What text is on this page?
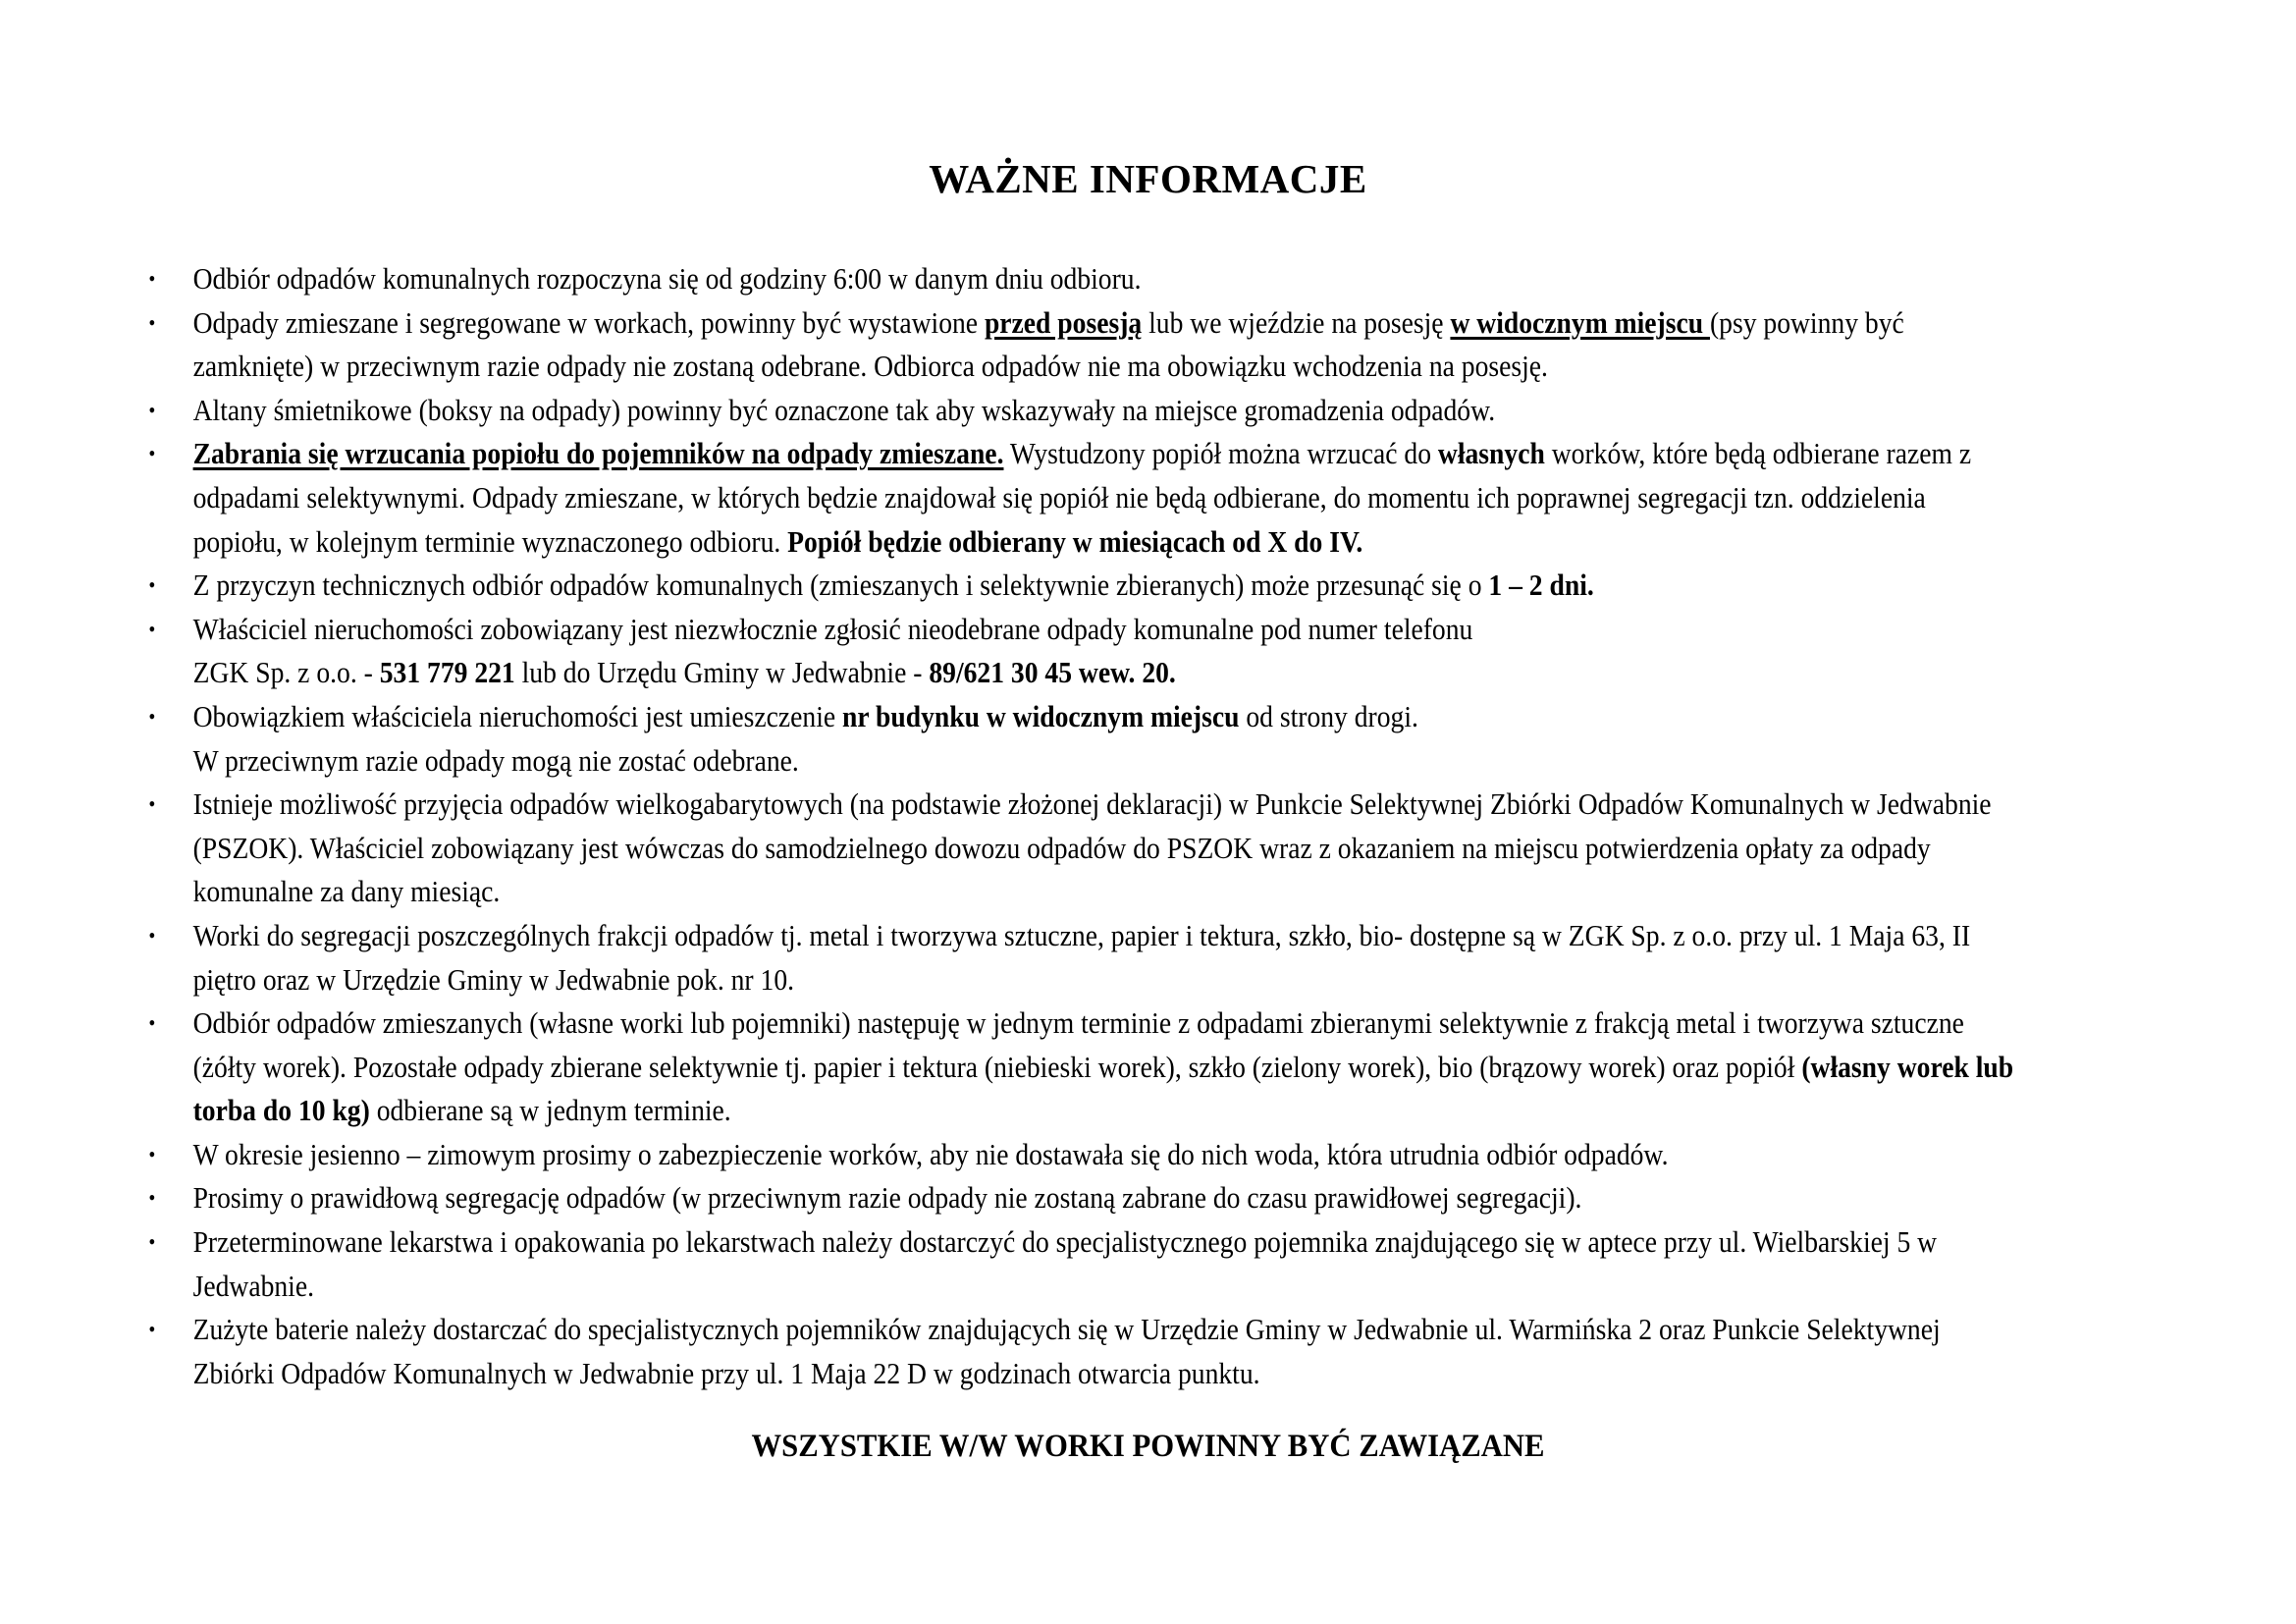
WAŻNE INFORMACJE
• Odbiór odpadów komunalnych rozpoczyna się od godziny 6:00 w danym dniu odbioru.
• Odpady zmieszane i segregowane w workach, powinny być wystawione przed posesją lub we wjeździe na posesję w widocznym miejscu (psy powinny być zamknięte) w przeciwnym razie odpady nie zostaną odebrane. Odbiorca odpadów nie ma obowiązku wchodzenia na posesję.
• Altany śmietnikowe (boksy na odpady) powinny być oznaczone tak aby wskazywały na miejsce gromadzenia odpadów.
• Zabrania się wrzucania popiołu do pojemników na odpady zmieszane. Wystudzony popiół można wrzucać do własnych worków, które będą odbierane razem z odpadami selektywnymi. Odpady zmieszane, w których będzie znajdował się popiół nie będą odbierane, do momentu ich poprawnej segregacji tzn. oddzielenia popiołu, w kolejnym terminie wyznaczonego odbioru. Popiół będzie odbierany w miesiącach od X do IV.
• Z przyczyn technicznych odbiór odpadów komunalnych (zmieszanych i selektywnie zbieranych) może przesunąć się o 1 – 2 dni.
• Właściciel nieruchomości zobowiązany jest niezwłocznie zgłosić nieodebrane odpady komunalne pod numer telefonu
ZGK Sp. z o.o. - 531 779 221 lub do Urzędu Gminy w Jedwabnie - 89/621 30 45 wew. 20.
• Obowiązkiem właściciela nieruchomości jest umieszczenie nr budynku w widocznym miejscu od strony drogi.
W przeciwnym razie odpady mogą nie zostać odebrane.
• Istnieje możliwość przyjęcia odpadów wielkogabarytowych (na podstawie złożonej deklaracji) w Punkcie Selektywnej Zbiórki Odpadów Komunalnych w Jedwabnie (PSZOK). Właściciel zobowiązany jest wówczas do samodzielnego dowozu odpadów do PSZOK wraz z okazaniem na miejscu potwierdzenia opłaty za odpady komunalne za dany miesiąc.
• Worki do segregacji poszczególnych frakcji odpadów tj. metal i tworzywa sztuczne, papier i tektura, szkło, bio- dostępne są w ZGK Sp. z o.o. przy ul. 1 Maja 63, II piętro oraz w Urzędzie Gminy w Jedwabnie pok. nr 10.
• Odbiór odpadów zmieszanych (własne worki lub pojemniki) następuję w jednym terminie z odpadami zbieranymi selektywnie z frakcją metal i tworzywa sztuczne (żółty worek). Pozostałe odpady zbierane selektywnie tj. papier i tektura (niebieski worek), szkło (zielony worek), bio (brązowy worek) oraz popiół (własny worek lub torba do 10 kg) odbierane są w jednym terminie.
• W okresie jesienno – zimowym prosimy o zabezpieczenie worków, aby nie dostawała się do nich woda, która utrudnia odbiór odpadów.
• Prosimy o prawidłową segregację odpadów (w przeciwnym razie odpady nie zostaną zabrane do czasu prawidłowej segregacji).
• Przeterminowane lekarstwa i opakowania po lekarstwach należy dostarczyć do specjalistycznego pojemnika znajdującego się w aptece przy ul. Wielbarskiej 5 w Jedwabnie.
• Zużyte baterie należy dostarczać do specjalistycznych pojemników znajdujących się w Urzędzie Gminy w Jedwabnie ul. Warmińska 2 oraz Punkcie Selektywnej Zbiórki Odpadów Komunalnych w Jedwabnie przy ul. 1 Maja 22 D w godzinach otwarcia punktu.

WSZYSTKIE W/W WORKI POWINNY BYĆ ZAWIĄZANE
